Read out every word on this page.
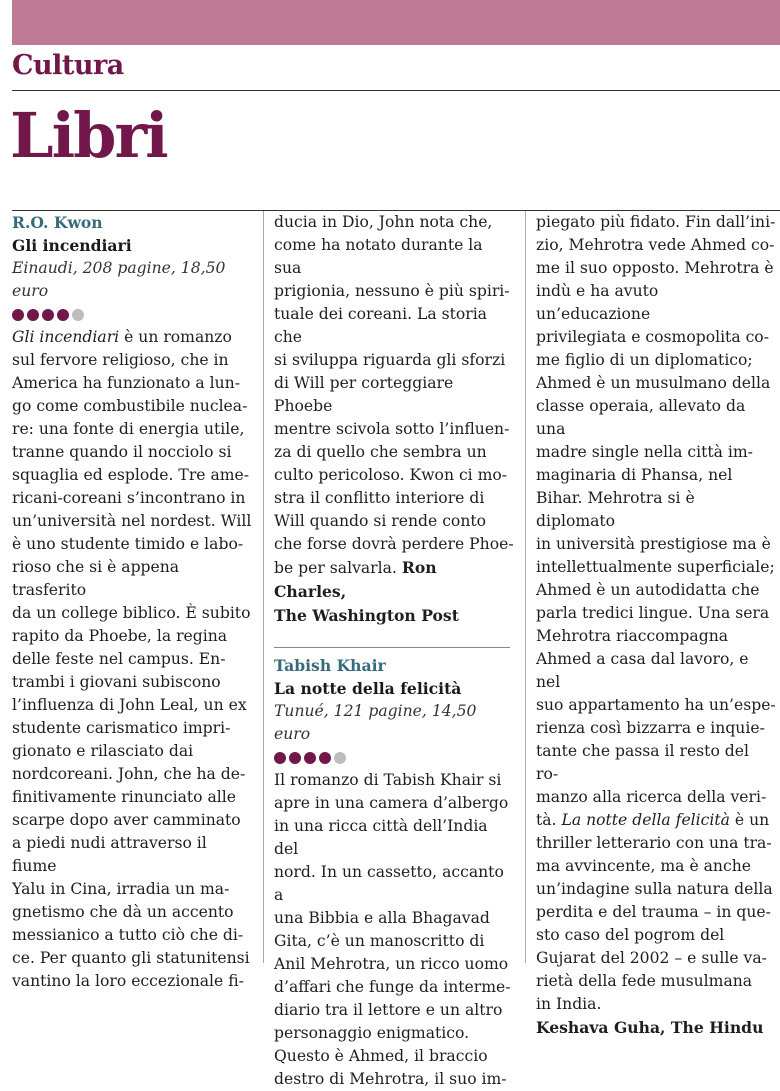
Cultura
Libri
R.O. Kwon
Gli incendiari
Einaudi, 208 pagine, 18,50 euro
Gli incendiari è un romanzo
sul fervore religioso, che in
America ha funzionato a lun-
go come combustibile nuclea-
re: una fonte di energia utile,
tranne quando il nocciolo si
squaglia ed esplode. Tre ame-
ricani-coreani s’incontrano in
un’università nel nordest. Will
è uno studente timido e labo-
rioso che si è appena trasferito
da un college biblico. È subito
rapito da Phoebe, la regina
delle feste nel campus. En-
trambi i giovani subiscono
l’influenza di John Leal, un ex
studente carismatico impri-
gionato e rilasciato dai
nordcoreani. John, che ha de-
finitivamente rinunciato alle
scarpe dopo aver camminato
a piedi nudi attraverso il fiume
Yalu in Cina, irradia un ma-
gnetismo che dà un accento
messianico a tutto ciò che di-
ce. Per quanto gli statunitensi
vantino la loro eccezionale fi-
ducia in Dio, John nota che,
come ha notato durante la sua
prigionia, nessuno è più spiri-
tuale dei coreani. La storia che
si sviluppa riguarda gli sforzi
di Will per corteggiare Phoebe
mentre scivola sotto l’influen-
za di quello che sembra un
culto pericoloso. Kwon ci mo-
stra il conflitto interiore di
Will quando si rende conto
che forse dovrà perdere Phoe-
be per salvarla. Ron Charles,
The Washington Post
Tabish Khair
La notte della felicità
Tunué, 121 pagine, 14,50 euro
Il romanzo di Tabish Khair si
apre in una camera d’albergo
in una ricca città dell’India del
nord. In un cassetto, accanto a
una Bibbia e alla Bhagavad
Gita, c’è un manoscritto di
Anil Mehrotra, un ricco uomo
d’affari che funge da interme-
diario tra il lettore e un altro
personaggio enigmatico.
Questo è Ahmed, il braccio
destro di Mehrotra, il suo im-
piegato più fidato. Fin dall’ini-
zio, Mehrotra vede Ahmed co-
me il suo opposto. Mehrotra è
indù e ha avuto un’educazione
privilegiata e cosmopolita co-
me figlio di un diplomatico;
Ahmed è un musulmano della
classe operaia, allevato da una
madre single nella città im-
maginaria di Phansa, nel
Bihar. Mehrotra si è diplomato
in università prestigiose ma è
intellettualmente superficiale;
Ahmed è un autodidatta che
parla tredici lingue. Una sera
Mehrotra riaccompagna
Ahmed a casa dal lavoro, e nel
suo appartamento ha un’espe-
rienza così bizzarra e inquie-
tante che passa il resto del ro-
manzo alla ricerca della veri-
tà. La notte della felicità è un
thriller letterario con una tra-
ma avvincente, ma è anche
un’indagine sulla natura della
perdita e del trauma – in que-
sto caso del pogrom del
Gujarat del 2002 – e sulle va-
rietà della fede musulmana
in India.
Keshava Guha, The Hindu
